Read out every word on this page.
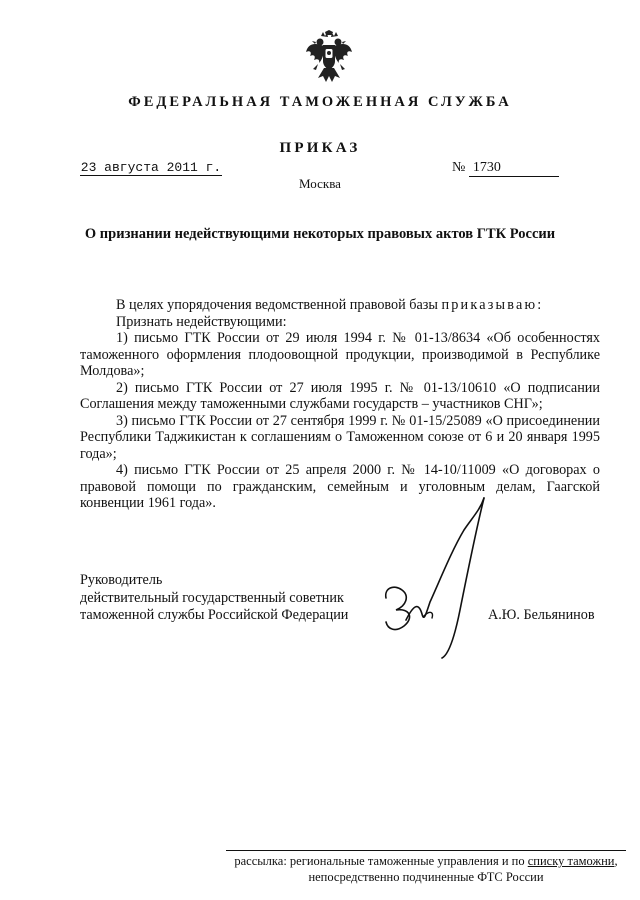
ФЕДЕРАЛЬНАЯ ТАМОЖЕННАЯ СЛУЖБА
ПРИКАЗ
23 августа 2011 г.	№ 1730
Москва
О признании недействующими некоторых правовых актов ГТК России

В целях упорядочения ведомственной правовой базы приказываю:

Признать недействующими:

1) письмо ГТК России от 29 июля 1994 г. № 01-13/8634 «Об особенностях таможенного оформления плодоовощной продукции, производимой в Республике Молдова»;

2) письмо ГТК России от 27 июля 1995 г. № 01-13/10610 «О подписании Соглашения между таможенными службами государств – участников СНГ»;

3) письмо ГТК России от 27 сентября 1999 г. № 01-15/25089 «О присоединении Республики Таджикистан к соглашениям о Таможенном союзе от 6 и 20 января 1995 года»;

4) письмо ГТК России от 25 апреля 2000 г. № 14-10/11009 «О договорах о правовой помощи по гражданским, семейным и уголовным делам, Гаагской конвенции 1961 года».

Руководитель
действительный государственный советник
таможенной службы Российской Федерации	А.Ю. Бельянинов
рассылка: региональные таможенные управления и по списку таможни,
непосредственно подчиненные ФТС России
